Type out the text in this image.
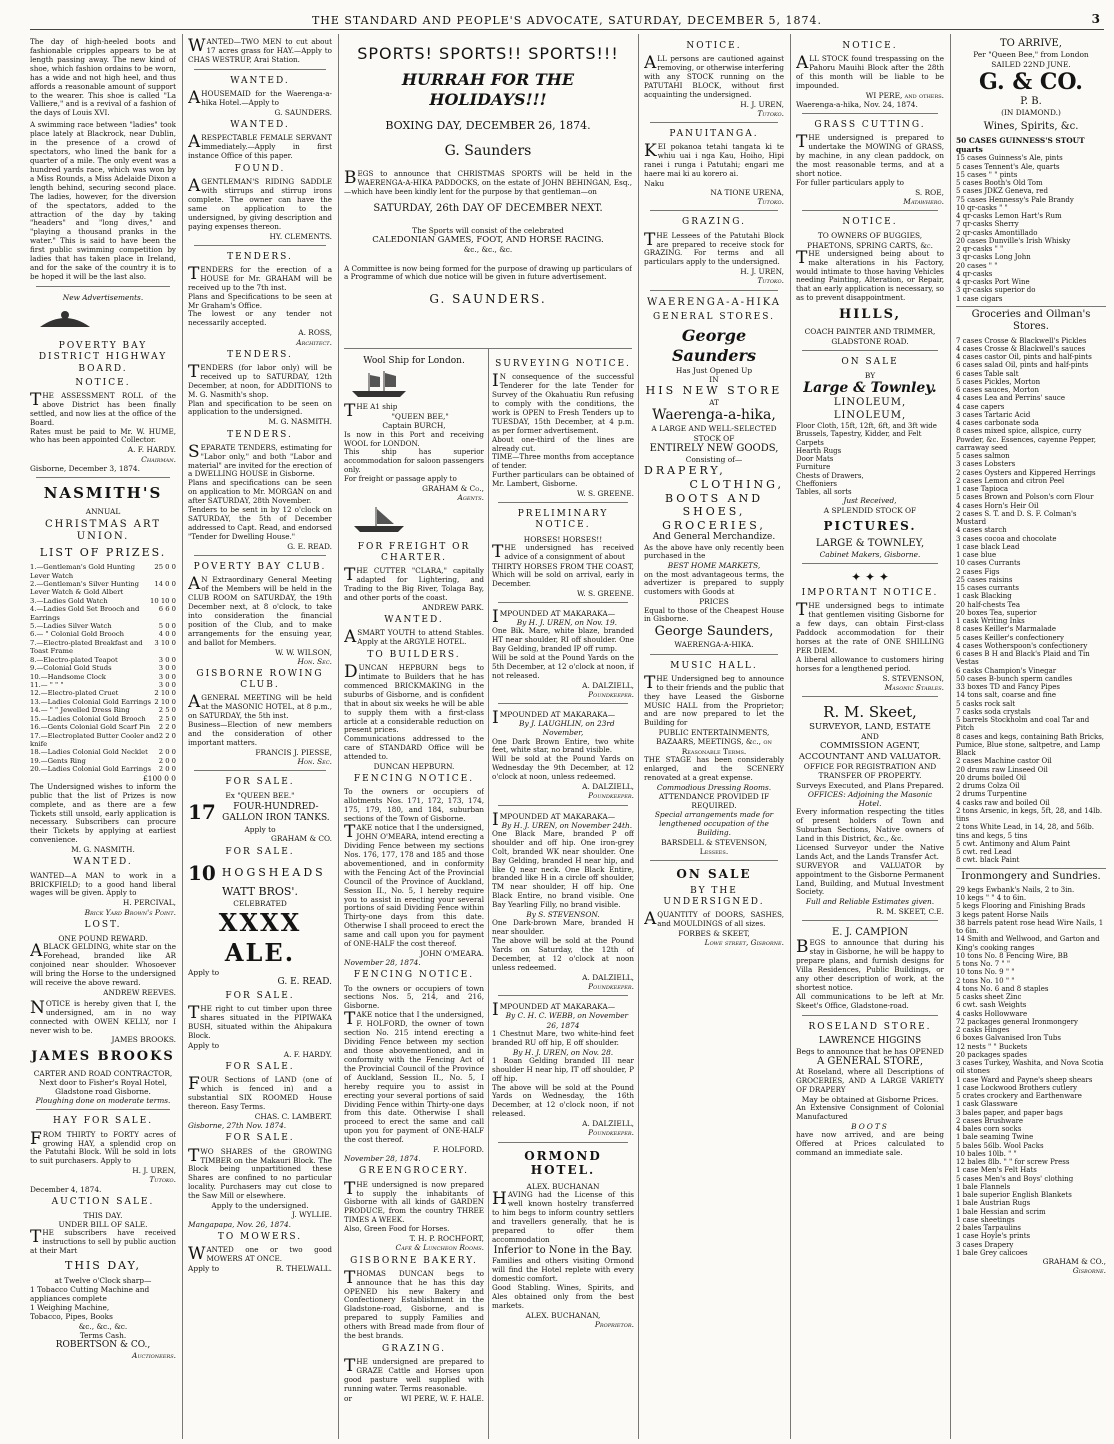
THE STANDARD AND PEOPLE'S ADVOCATE, SATURDAY, DECEMBER 5, 1874.	3

The day of high-heeled boots and fashionable cripples appears to be at length passing away. The new kind of shoe, which fashion ordains to be worn, has a wide and not high heel, and thus affords a reasonable amount of support to the wearer. This shoe is called "La Valliere," and is a revival of a fashion of the days of Louis XVI.

A swimming race between "ladies" took place lately at Blackrock, near Dublin, in the presence of a crowd of spectators, who lined the bank for a quarter of a mile. The only event was a hundred yards race, which was won by a Miss Rounds, a Miss Adelaide Dixon a length behind, securing second place. The ladies, however, for the diversion of the spectators, added to the attraction of the day by taking "headers" and "long dives," and "playing a thousand pranks in the water." This is said to have been the first public swimming competition by ladies that has taken place in Ireland, and for the sake of the country it is to be hoped it will be the last also.

New Advertisements.
POVERTY BAY DISTRICT HIGHWAY BOARD.
NOTICE.

THE ASSESSMENT ROLL of the above District has been finally settled, and now lies at the office of the Board.

Rates must be paid to Mr. W. HUME, who has been appointed Collector.

A. F. HARDY.
Chairman.
Gisborne, December 3, 1874.
NASMITH'S
ANNUAL
CHRISTMAS ART UNION.
LIST OF PRIZES.
1.—Gentleman's Gold Hunting Lever Watch
25 0 0
2.—Gentleman's Silver Hunting Lever Watch & Gold Albert
14 0 0
3.—Ladies Gold Watch	10 10 0
4.—Ladies Gold Set Brooch and Earrings
6 6 0
5.—Ladies Silver Watch	5 0 0
6.— " Colonial Gold Brooch	4 0 0
7.—Electro-plated Breakfast and Toast Frame
3 10 0
8.—Electro-plated Teapot	3 0 0
9.—Colonial Gold Studs	3 0 0
10.—Handsome Clock	3 0 0
11.— " " "	3 0 0
12.—Electro-plated Cruet	2 10 0
13.—Ladies Colonial Gold Earrings 2 10 0
14.— " " Jewelled Dress Ring	2 5 0
15.—Ladies Colonial Gold Brooch 2 5 0
16.—Gents Colonial Gold Scarf Pin 2 2 0
17.—Electroplated Butter Cooler and knife
2 2 0
18.—Ladies Colonial Gold Necklet 2 0 0
19.—Gents Ring	2 0 0
20.—Ladies Colonial Gold Earrings 2 0 0
£100 0 0

The Undersigned wishes to inform the public that the list of Prizes is now complete, and as there are a few Tickets still unsold, early application is necessary. Subscribers can procure their Tickets by applying at earliest convenience.

M. G. NASMITH.
WANTED.

WANTED—A MAN to work in a BRICKFIELD; to a good hand liberal wages will be given. Apply to

H. PERCIVAL,
Brick Yard Brown's Point.
LOST.
ONE POUND REWARD.

ABLACK GELDING, white star on the Forehead, branded like AR conjoined near shoulder. Whosoever will bring the Horse to the undersigned will receive the above reward.

ANDREW REEVES.

NOTICE is hereby given that I, the undersigned, am in no way connected with OWEN KELLY, nor I never wish to be.

JAMES BROOKS.
JAMES BROOKS
CARTER AND ROAD CONTRACTOR,
Next door to Fisher's Royal Hotel, Gladstone road Gisborne.
Ploughing done on moderate terms.
HAY FOR SALE.

FROM THIRTY to FORTY acres of growing HAY, a splendid crop on the Patutahi Block. Will be sold in lots to suit purchasers. Apply to

H. J. UREN,
Tutoko.
December 4, 1874.
AUCTION SALE.
THIS DAY.
UNDER BILL OF SALE.

THE subscribers have received instructions to sell by public auction at their Mart

THIS DAY,
at Twelve o'Clock sharp—
1 Tobacco Cutting Machine and appliances complete
1 Weighing Machine,
Tobacco, Pipes, Books
&c., &c., &c.
Terms Cash.
ROBERTSON & CO.,
Auctioneers.

WANTED—TWO MEN to cut about 17 acres grass for HAY.—Apply to CHAS WESTRUP, Arai Station.

WANTED.

AHOUSEMAID for the Waerenga-a-hika Hotel.—Apply to

G. SAUNDERS.
WANTED.

ARESPECTABLE FEMALE SERVANT immediately.—Apply in first instance Office of this paper.

FOUND.

AGENTLEMAN'S RIDING SADDLE with stirrups and stirrup irons complete. The owner can have the same on application to the undersigned, by giving description and paying expenses thereon.

HY. CLEMENTS.
TENDERS.

TENDERS for the erection of a HOUSE for Mr. GRAHAM will be received up to the 7th inst.

Plans and Specifications to be seen at Mr Graham's Office.

The lowest or any tender not necessarily accepted.

A. ROSS,
Architect.
TENDERS.

TENDERS (for labor only) will be received up to SATURDAY, 12th December, at noon, for ADDITIONS to M. G. Nasmith's shop.

Plan and specification to be seen on application to the undersigned.

M. G. NASMITH.
TENDERS.

SEPARATE TENDERS, estimating for "Labor only," and both "Labor and material" are invited for the erection of a DWELLING HOUSE in Gisborne.

Plans and specifications can be seen on application to Mr. MORGAN on and after SATURDAY, 28th November.

Tenders to be sent in by 12 o'clock on SATURDAY, the 5th of December addressed to Capt. Read, and endorsed "Tender for Dwelling House."

G. E. READ.
POVERTY BAY CLUB.

AN Extraordinary General Meeting of the Members will be held in the CLUB ROOM on SATURDAY, the 19th December next, at 8 o'clock, to take into consideration the financial position of the Club, and to make arrangements for the ensuing year, and ballot for Members.

W. W. WILSON,
Hon. Sec.
GISBORNE ROWING CLUB.

AGENERAL MEETING will be held at the MASONIC HOTEL, at 8 p.m., on SATURDAY, the 5th inst.

Business—Election of new members and the consideration of other important matters.

FRANCIS J. PIESSE,
Hon. Sec.
FOR SALE.
Ex "QUEEN BEE."
17	FOUR-HUNDRED-GALLON IRON TANKS.
Apply to
GRAHAM & CO.
FOR SALE.
10 HOGSHEADS
WATT BROS'.
CELEBRATED
XXXX ALE.
Apply to
G. E. READ.
FOR SALE.

THE right to cut timber upon three shares situated in the PIPIWAKA BUSH, situated within the Ahipakura Block.

Apply to
A. F. HARDY.
FOR SALE.

FOUR Sections of LAND (one of which is fenced in) and a substantial SIX ROOMED House thereon. Easy Terms.

CHAS. C. LAMBERT.
Gisborne, 27th Nov. 1874.
FOR SALE.

TWO SHARES of the GROWING TIMBER on the Makauri Block. The Block being unpartitioned these Shares are confined to no particular locality. Purchasers may cut close to the Saw Mill or elsewhere.

Apply to the undersigned.
J. WYLLIE.
Mangapapa, Nov. 26, 1874.
TO MOWERS.

WANTED one or two good MOWERS AT ONCE.

Apply to	R. THELWALL.
SPORTS! SPORTS!! SPORTS!!!
HURRAH FOR THE HOLIDAYS!!!
BOXING DAY, DECEMBER 26, 1874.
G. Saunders

BEGS to announce that CHRISTMAS SPORTS will be held in the WAERENGA-A-HIKA PADDOCKS, on the estate of JOHN BEHINGAN, Esq.,—which have been kindly lent for the purpose by that gentleman—on

SATURDAY, 26th DAY OF DECEMBER NEXT.
The Sports will consist of the celebrated
CALEDONIAN GAMES, FOOT, AND HORSE RACING.
&c., &c., &c.

A Committee is now being formed for the purpose of drawing up particulars of a Programme of which due notice will be given in future advertisement.

G. SAUNDERS.
Wool Ship for London.

THE A1 ship

"QUEEN BEE,"
Captain BURCH,

Is now in this Port and receiving WOOL for LONDON.

This ship has superior accommodation for saloon passengers only.

For freight or passage apply to

GRAHAM & Co.,
Agents.
FOR FREIGHT OR CHARTER.

THE CUTTER "CLARA," capitally adapted for Lightering, and Trading to the Big River, Tolaga Bay, and other ports of the coast.

ANDREW PARK.
WANTED.

ASMART YOUTH to attend Stables. Apply at the ARGYLE HOTEL.

TO BUILDERS.

DUNCAN HEPBURN begs to intimate to Builders that he has commenced BRICKMAKING in the suburbs of Gisborne, and is confident that in about six weeks he will be able to supply them with a first-class article at a considerable reduction on present prices.

Communications addressed to the care of STANDARD Office will be attended to.

DUNCAN HEPBURN.
FENCING NOTICE.

To the owners or occupiers of allotments Nos. 171, 172, 173, 174, 175, 179, 180, and 184, suburban sections of the Town of Gisborne.

TAKE notice that I the undersigned, JOHN O'MEARA, intend erecting a Dividing Fence between my sections Nos. 176, 177, 178 and 185 and those abovementioned, and in conformity with the Fencing Act of the Provincial Council of the Province of Auckland, Session II., No. 5, I hereby require you to assist in erecting your several portions of said Dividing Fence within Thirty-one days from this date. Otherwise I shall proceed to erect the same and call upon you for payment of ONE-HALF the cost thereof.

JOHN O'MEARA.
November 28, 1874.
FENCING NOTICE.

To the owners or occupiers of town sections Nos. 5, 214, and 216, Gisborne.

TAKE notice that I the undersigned, F. HOLFORD, the owner of town section No. 215 intend erecting a Dividing Fence between my section and those abovementioned, and in conformity with the Fencing Act of the Provincial Council of the Province of Auckland, Session II., No. 5, I hereby require you to assist in erecting your several portions of said Dividing Fence within Thirty-one days from this date. Otherwise I shall proceed to erect the same and call upon you for payment of ONE-HALF the cost thereof.

F. HOLFORD.
November 28, 1874.
GREENGROCERY.

THE undersigned is now prepared to supply the inhabitants of Gisborne with all kinds of GARDEN PRODUCE, from the country THREE TIMES A WEEK.

Also, Green Food for Horses.

T. H. P. ROCHFORT,
Café & Luncheon Rooms.
GISBORNE BAKERY.

THOMAS DUNCAN begs to announce that he has this day OPENED his new Bakery and Confectionery Establishment in the Gladstone-road, Gisborne, and is prepared to supply Families and others with Bread made from flour of the best brands.

GRAZING.

THE undersigned are prepared to GRAZE Cattle and Horses upon good pasture well supplied with running water. Terms reasonable.

or	WI PERE, W. F. HALE.
SURVEYING NOTICE.

IN consequence of the successful Tenderer for the late Tender for Survey of the Okahuatiu Run refusing to comply with the conditions, the work is OPEN to Fresh Tenders up to TUESDAY, 15th December, at 4 p.m. as per former advertisement.

About one-third of the lines are already cut.

TIME—Three months from acceptance of tender.

Further particulars can be obtained of Mr. Lambert, Gisborne.

W. S. GREENE.
PRELIMINARY NOTICE.
HORSES! HORSES!!

THE undersigned has received advice of a consignment of about

THIRTY HORSES FROM THE COAST,

Which will be sold on arrival, early in December.

W. S. GREENE.

IMPOUNDED AT MAKARAKA—

By H. J. UREN, on Nov. 19.

One Bik. Mare, white blaze, branded HT near shoulder, RI off shoulder. One Bay Gelding, branded IP off rump.

Will be sold at the Pound Yards on the 5th December, at 12 o'clock at noon, if not released.

A. DALZIELL,
Poundkeeper.

IMPOUNDED AT MAKARAKA—

By J. LAUGHLIN, on 23rd November,

One Dark Brown Entire, two white feet, white star, no brand visible.

Will be sold at the Pound Yards on Wednesday the 9th December, at 12 o'clock at noon, unless redeemed.

A. DALZIELL,
Poundkeeper.

IMPOUNDED AT MAKARAKA—

By H. J. UREN, on November 24th.

One Black Mare, branded P off shoulder and off hip. One iron-grey Colt, branded WK near shoulder. One Bay Gelding, branded H near hip, and like Q near neck. One Black Entire, branded like H in a circle off shoulder, TM near shoulder, H off hip. One Black Entire, no brand visible. One Bay Yearling Filly, no brand visible.

By S. STEVENSON.

One Dark-brown Mare, branded H near shoulder.

The above will be sold at the Pound Yards on Saturday, the 12th of December, at 12 o'clock at noon unless redeemed.

A. DALZIELL,
Poundkeeper.

IMPOUNDED AT MAKARAKA—

By C. H. C. WEBB, on November 26, 1874

1 Chestnut Mare, two white-hind feet branded RU off hip, E off shoulder.

By H. J. UREN, on Nov. 28.

1 Roan Gelding branded III near shoulder H near hip, IT off shoulder, P off hip.

The above will be sold at the Pound Yards on Wednesday, the 16th December, at 12 o'clock noon, if not released.

A. DALZIELL,
Poundkeeper.
ORMOND HOTEL.
ALEX. BUCHANAN

HAVING had the License of this well known hostelry transferred to him begs to inform country settlers and travellers generally, that he is prepared to offer them accommodation

Inferior to None in the Bay.

Families and others visiting Ormond will find the Hotel replete with every domestic comfort.

Good Stabling. Wines, Spirits, and Ales obtained only from the best markets.

ALEX. BUCHANAN,
Proprietor.
NOTICE.

ALL persons are cautioned against removing, or otherwise interfering with any STOCK running on the PATUTAHI BLOCK, without first acquainting the undersigned.

H. J. UREN,
Tutoko.
PANUITANGA.

KEI pokanoa tetahi tangata ki te whiu uai i nga Kau, Hoiho, Hipi ranei i runga i Patutahi; engari me haere mai ki au korero ai.

Naku
NA TIONE URENA,
Tutoko.
GRAZING.

THE Lessees of the Patutahi Block are prepared to receive stock for GRAZING. For terms and all particulars apply to the undersigned.

H. J. UREN,
Tutoko.
WAERENGA-A-HIKA
GENERAL STORES.
George Saunders
Has Just Opened Up
IN
HIS NEW STORE
AT
Waerenga-a-hika,
A LARGE AND WELL-SELECTED
STOCK OF
ENTIRELY NEW GOODS,
Consisting of—
DRAPERY,
CLOTHING,
BOOTS AND SHOES,
GROCERIES,
And General Merchandize.

As the above have only recently been purchased in the

BEST HOME MARKETS,

on the most advantageous terms, the advertizer is prepared to supply customers with Goods at

PRICES

Equal to those of the Cheapest House in Gisborne.

George Saunders,
WAERENGA-A-HIKA.
MUSIC HALL.

THE Undersigned beg to announce to their friends and the public that they have Leased the Gisborne MUSIC HALL from the Proprietor; and are now prepared to let the Building for

PUBLIC ENTERTAINMENTS, BAZAARS, MEETINGS, &c., on Reasonable Terms.

THE STAGE has been considerably enlarged, and the SCENERY renovated at a great expense.

Commodious Dressing Rooms.
ATTENDANCE PROVIDED IF REQUIRED.
Special arrangements made for lengthened occupation of the Building.
BARSDELL & STEVENSON,
Lessees.
ON SALE
BY THE UNDERSIGNED.

AQUANTITY of DOORS, SASHES, and MOULDINGS of all sizes.

FORBES & SKEET,
Lowe street, Gisborne.
NOTICE.

ALL STOCK found trespassing on the Pahoru Mauihi Block after the 28th of this month will be liable to be impounded.

WI PERE, and others.
Waerenga-a-hika, Nov. 24, 1874.
GRASS CUTTING.

THE undersigned is prepared to undertake the MOWING of GRASS, by machine, in any clean paddock, on the most reasonable terms, and at a short notice.

For fuller particulars apply to

S. ROE,
Matawhero.
NOTICE.
TO OWNERS OF BUGGIES, PHAETONS, SPRING CARTS, &c.

THE undersigned being about to make alterations in his Factory, would intimate to those having Vehicles needing Painting, Alteration, or Repair, that an early application is necessary, so as to prevent disappointment.

HILLS,
COACH PAINTER AND TRIMMER,
GLADSTONE ROAD.
ON SALE
BY
Large & Townley.
LINOLEUM, LINOLEUM,
Floor Cloth, 15ft, 12ft, 6ft, and 3ft wide
Brussels, Tapestry, Kidder, and Felt Carpets
Hearth Rugs
Door Mats
Furniture
Chests of Drawers,
Cheffoniers
Tables, all sorts
Just Received,
A SPLENDID STOCK OF
PICTURES.
LARGE & TOWNLEY,
Cabinet Makers, Gisborne.
✦ ✦ ✦
IMPORTANT NOTICE.

THE undersigned begs to intimate that gentlemen visiting Gisborne for a few days, can obtain First-class Paddock accommodation for their horses at the rate of ONE SHILLING PER DIEM.

A liberal allowance to customers hiring horses for a lengthened period.

S. STEVENSON,
Masonic Stables.
R. M. Skeet,
SURVEYOR, LAND, ESTATE
AND
COMMISSION AGENT,
ACCOUNTANT AND VALUATOR.
OFFICE FOR REGISTRATION AND TRANSFER OF PROPERTY.
Surveys Executed, and Plans Prepared.
OFFICES: Adjoining the Masonic Hotel.

Every information respecting the titles of present holders of Town and Suburban Sections, Native owners of Land in this District, &c., &c.

Licensed Surveyor under the Native Lands Act, and the Lands Transfer Act.

SURVEYOR and VALUATOR by appointment to the Gisborne Permanent Land, Building, and Mutual Investment Society.

Full and Reliable Estimates given.
R. M. SKEET, C.E.
E. J. CAMPION

BEGS to announce that during his stay in Gisborne, he will be happy to prepare plans, and furnish designs for Villa Residences, Public Buildings, or any other description of work, at the shortest notice.

All communications to be left at Mr. Skeet's Office, Gladstone-road.

ROSELAND STORE.
LAWRENCE HIGGINS
Begs to announce that he has OPENED
A GENERAL STORE,

At Roseland, where all Descriptions of GROCERIES, AND A LARGE VARIETY OF DRAPERY

May be obtained at Gisborne Prices.

An Extensive Consignment of Colonial Manufactured

BOOTS

have now arrived, and are being Offered at Prices calculated to command an immediate sale.

TO ARRIVE,
Per "Queen Bee," from London
SAILED 22ND JUNE.
G. & CO.
P. B.
(IN DIAMOND.)
Wines, Spirits, &c.
50 CASES GUINNESS'S STOUT quarts
15 cases Guinness's Ale, pints
5 cases Tennent's Ale, quarts
15 cases " " pints
5 cases Booth's Old Tom
5 cases JDKZ Geneva, red
75 cases Hennessy's Pale Brandy
10 qr-casks " "
4 qr-casks Lemon Hart's Rum
7 qr-casks Sherry
2 qr-casks Amontillado
20 cases Dunville's Irish Whisky
2 qr-casks " "
3 qr-casks Long John
20 cases " "
4 qr-casks
4 qr-casks Port Wine
3 qr-casks superior do
1 case cigars
Groceries and Oilman's Stores.
7 cases Crosse & Blackwell's Pickles
4 cases Crosse & Blackwell's sauces
4 cases castor Oil, pints and half-pints
6 cases salad Oil, pints and half-pints
6 cases Table salt
5 cases Pickles, Morton
6 cases sauces, Morton
4 cases Lea and Perrins' sauce
4 case capers
3 cases Tartaric Acid
4 cases carbonate soda
8 cases mixed spice, allspice, curry Powder, &c. Essences, cayenne Pepper, carraway seed
5 cases salmon
3 cases Lobsters
2 cases Oysters and Kippered Herrings
2 cases Lemon and citron Peel
1 case Tapioca
5 cases Brown and Polson's corn Flour
4 cases Horn's Heir Oil
2 cases S. T. and D. S. F. Colman's Mustard
4 cases starch
3 cases cocoa and chocolate
1 case black Lead
1 case blue
10 cases Currants
2 cases Figs
25 cases raisins
15 cases currants
1 cask Blacking
20 half-chests Tea
20 boxes Tea, superior
1 cask Writing Inks
8 cases Keiller's Marmalade
5 cases Keiller's confectionery
4 cases Wotherspoon's confectionery
6 cases B H and Black's Plaid and Tin Vestas
6 casks Champion's Vinegar
50 cases B-bunch sperm candles
33 boxes TD and Fancy Pipes
14 tons salt, coarse and fine
5 casks rock salt
7 casks soda crystals
5 barrels Stockholm and coal Tar and Pitch
8 cases and kegs, containing Bath Bricks, Pumice, Blue stone, saltpetre, and Lamp Black
2 cases Machine castor Oil
20 drums raw Linseed Oil
20 drums boiled Oil
2 drums Colza Oil
2 drums Turpentine
4 casks raw and boiled Oil
2 tons Arsenic, in kegs, 5ft, 28, and 14lb. tins
2 tons White Lead, in 14, 28, and 56lb. tins and kegs, 5 tins
5 cwt. Antimony and Alum Paint
5 cwt. red Lead
8 cwt. black Paint
Ironmongery and Sundries.
29 kegs Ewbank's Nails, 2 to 3in.
10 kegs " " 4 to 6in.
5 kegs Flooring and Finishing Brads
3 kegs patent Horse Nails
38 barrels patent rose head Wire Nails, 1 to 6in.
14 Smith and Wellwood, and Garton and King's cooking ranges
10 tons No. 8 Fencing Wire, BB
5 tons No. 7 " "
10 tons No. 9 " "
2 tons No. 10 " "
4 tons No. 6 and 8 staples
5 casks sheet Zinc
6 cwt. sash Weights
4 casks Hollowware
72 packages general Ironmongery
2 casks Hinges
6 boxes Galvanised Iron Tubs
12 nests " " Buckets
20 packages spades
3 cases Turkey, Washita, and Nova Scotia oil stones
1 case Ward and Payne's sheep shears
1 case Lockwood Brothers cutlery
5 crates crockery and Earthenware
1 cask Glassware
3 bales paper, and paper bags
2 cases Brushware
4 bales corn socks
1 bale seaming Twine
5 bales 56lb. Wool Packs
10 bales 10lb. " "
12 bales 8lb. " " for screw Press
1 case Men's Felt Hats
5 cases Men's and Boys' clothing
1 bale Flannels
1 bale superior English Blankets
1 bale Austrian Rugs
1 bale Hessian and scrim
1 case sheetings
2 bales Tarpaulins
1 case Hoyle's prints
3 cases Drapery
1 bale Grey calicoes
GRAHAM & CO.,
Gisborne.
